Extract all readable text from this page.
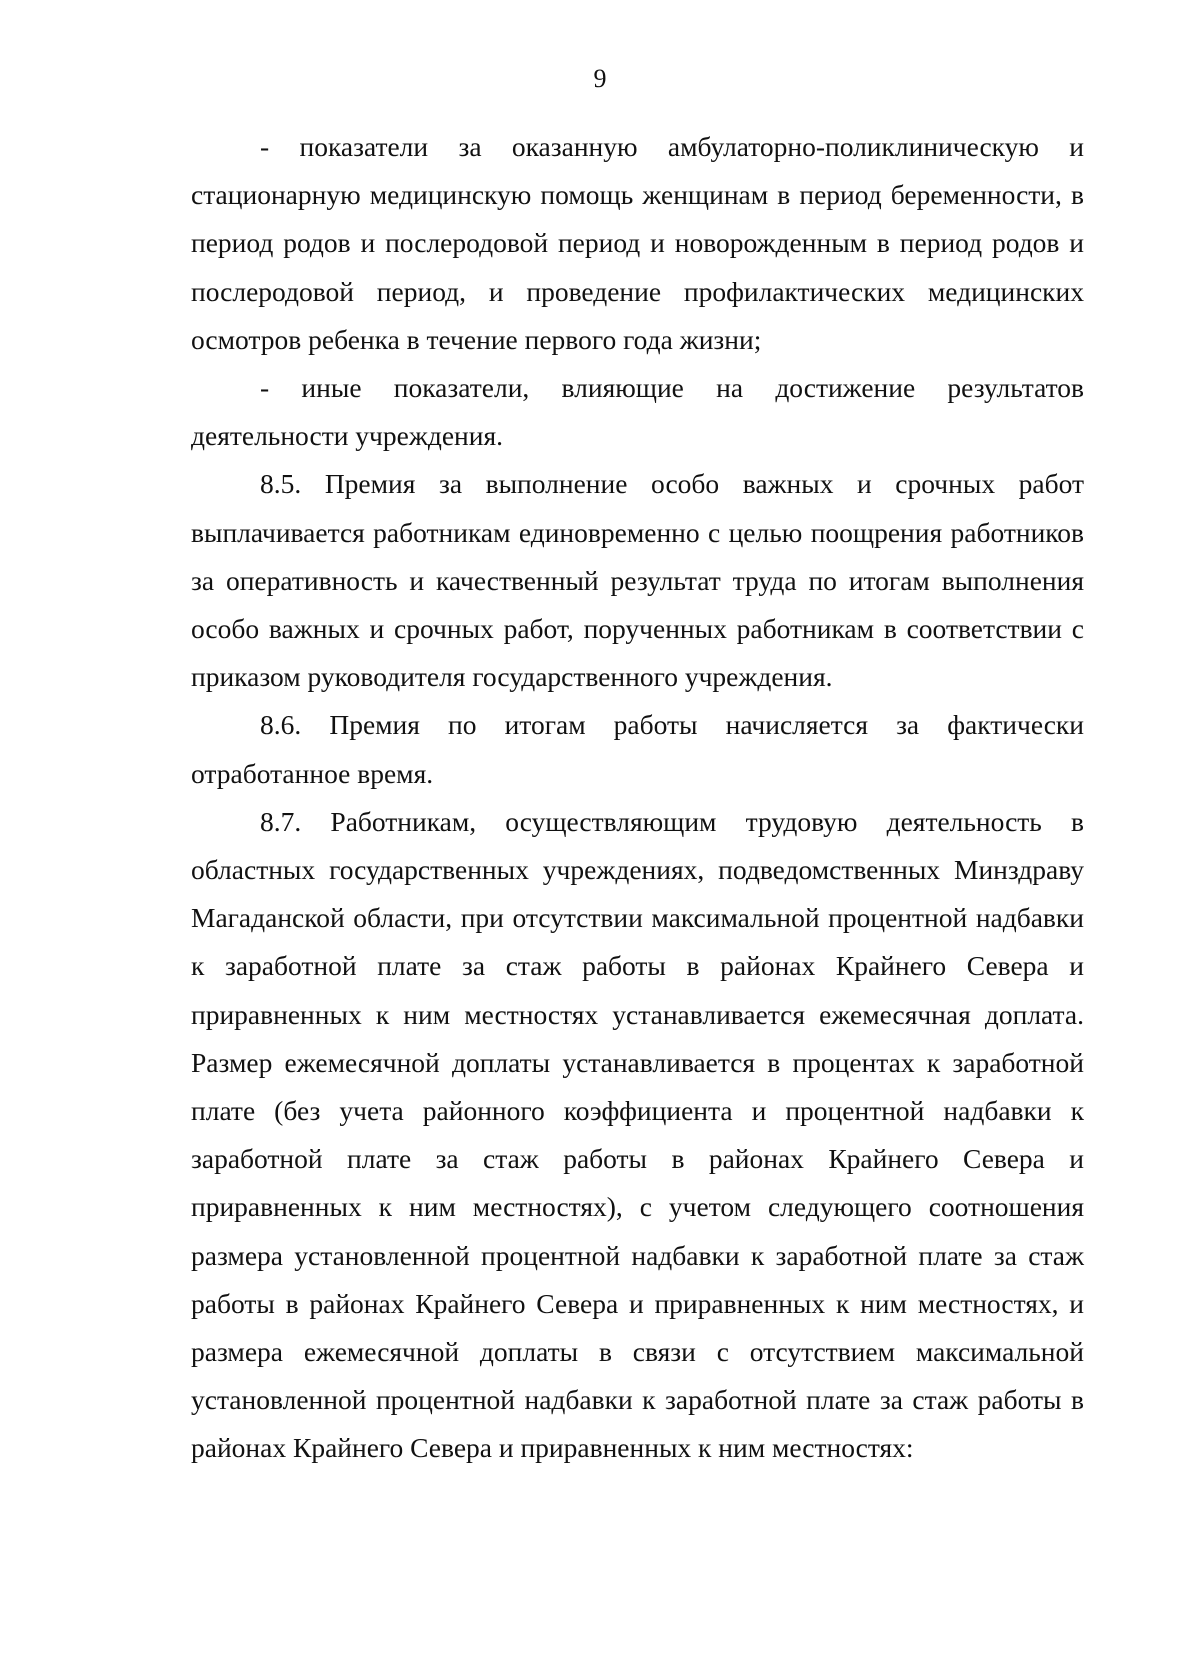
9

- показатели за оказанную амбулаторно-поликлиническую и стационарную медицинскую помощь женщинам в период беременности, в период родов и послеродовой период и новорожденным в период родов и послеродовой период, и проведение профилактических медицинских осмотров ребенка в течение первого года жизни;

- иные показатели, влияющие на достижение результатов деятельности учреждения.

8.5. Премия за выполнение особо важных и срочных работ выплачивается работникам единовременно с целью поощрения работников за оперативность и качественный результат труда по итогам выполнения особо важных и срочных работ, порученных работникам в соответствии с приказом руководителя государственного учреждения.

8.6. Премия по итогам работы начисляется за фактически отработанное время.

8.7. Работникам, осуществляющим трудовую деятельность в областных государственных учреждениях, подведомственных Минздраву Магаданской области, при отсутствии максимальной процентной надбавки к заработной плате за стаж работы в районах Крайнего Севера и приравненных к ним местностях устанавливается ежемесячная доплата. Размер ежемесячной доплаты устанавливается в процентах к заработной плате (без учета районного коэффициента и процентной надбавки к заработной плате за стаж работы в районах Крайнего Севера и приравненных к ним местностях), с учетом следующего соотношения размера установленной процентной надбавки к заработной плате за стаж работы в районах Крайнего Севера и приравненных к ним местностях, и размера ежемесячной доплаты в связи с отсутствием максимальной установленной процентной надбавки к заработной плате за стаж работы в районах Крайнего Севера и приравненных к ним местностях:
